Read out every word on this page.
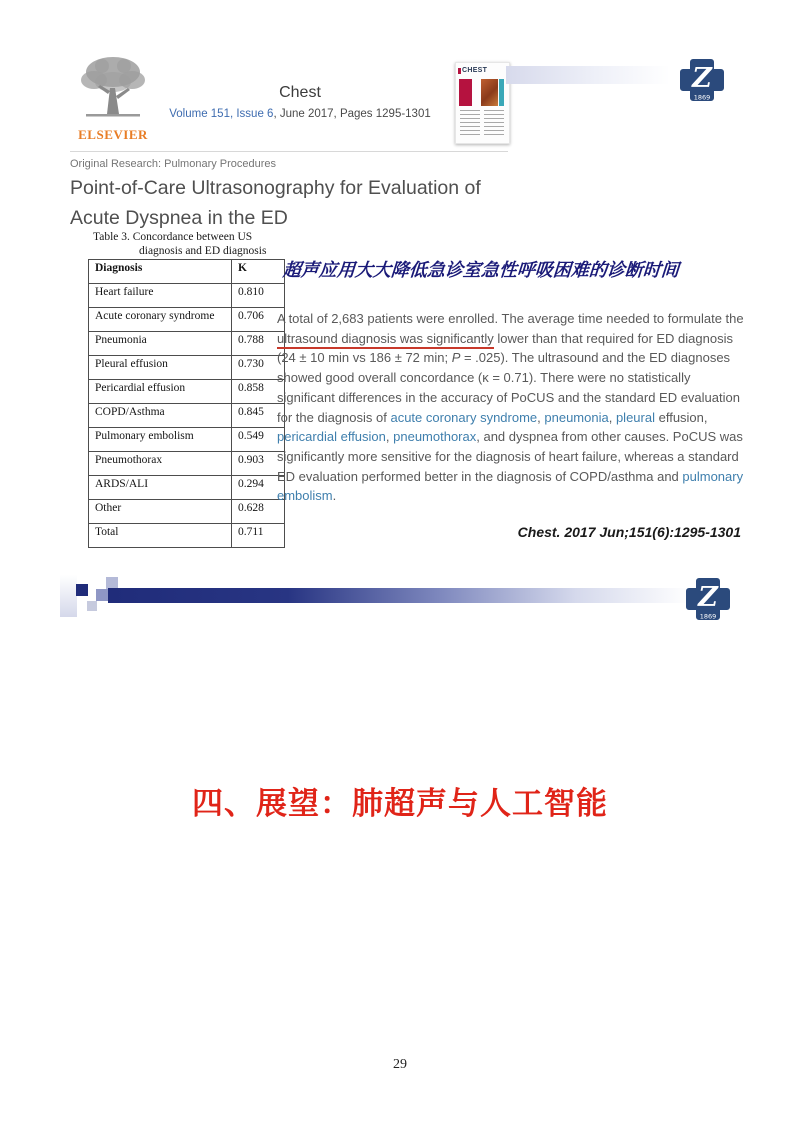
ELSEVIER
Chest
Volume 151, Issue 6, June 2017, Pages 1295-1301
CHEST	Z
1869
Original Research: Pulmonary Procedures
Point-of-Care Ultrasonography for Evaluation of Acute Dyspnea in the ED
Table 3. Concordance between US
diagnosis and ED diagnosis
Diagnosis	K
Heart failure	0.810
Acute coronary syndrome	0.706
Pneumonia	0.788
Pleural effusion	0.730
Pericardial effusion	0.858
COPD/Asthma	0.845
Pulmonary embolism	0.549
Pneumothorax	0.903
ARDS/ALI	0.294
Other	0.628
Total	0.711
超声应用大大降低急诊室急性呼吸困难的诊断时间
A total of 2,683 patients were enrolled. The average time needed to formulate the ultrasound diagnosis was significantly lower than that required for ED diagnosis (24 ± 10 min vs 186 ± 72 min; P = .025). The ultrasound and the ED diagnoses showed good overall concordance (κ = 0.71). There were no statistically significant differences in the accuracy of PoCUS and the standard ED evaluation for the diagnosis of acute coronary syndrome, pneumonia, pleural effusion, pericardial effusion, pneumothorax, and dyspnea from other causes. PoCUS was significantly more sensitive for the diagnosis of heart failure, whereas a standard ED evaluation performed better in the diagnosis of COPD/asthma and pulmonary embolism.
Chest. 2017 Jun;151(6):1295-1301
Z
1869
四、展望：肺超声与人工智能
29
